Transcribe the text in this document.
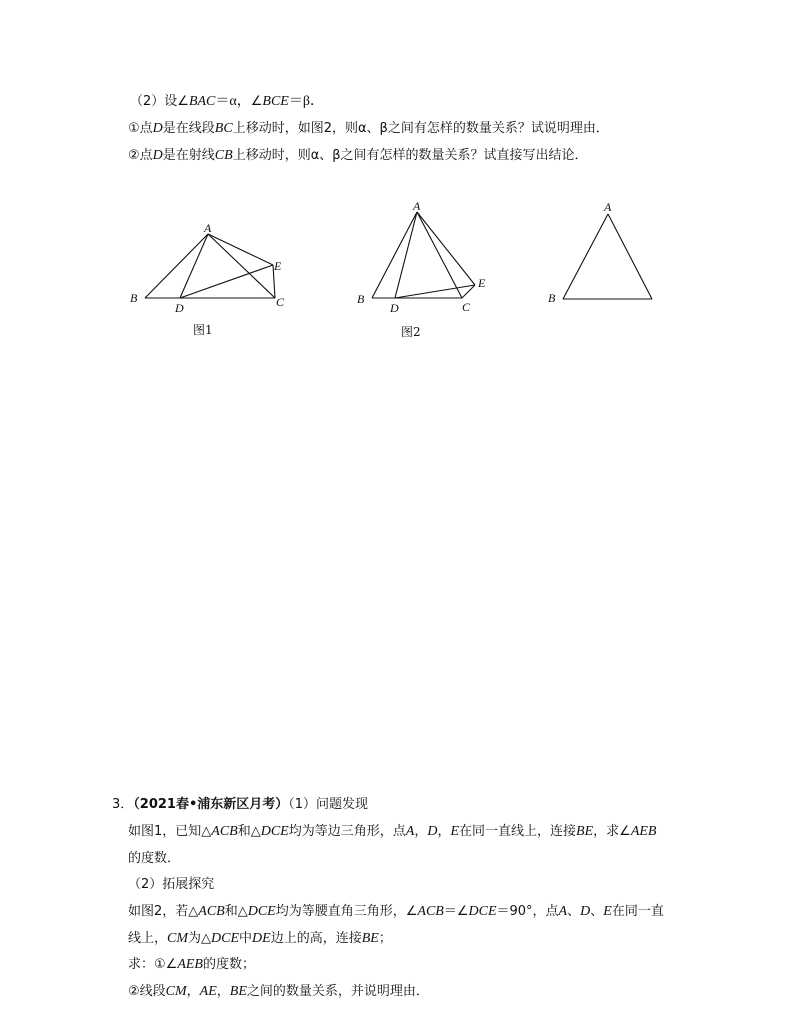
（2）设∠BAC＝α，∠BCE＝β．
①点D是在线段BC上移动时，如图2，则α、β之间有怎样的数量关系？试说明理由．
②点D是在射线CB上移动时，则α、β之间有怎样的数量关系？试直接写出结论．
A
B	C
D
E
图1
A
B
C
D
E
图2
A
B
3．（2021春•浦东新区月考）（1）问题发现
如图1，已知△ACB和△DCE均为等边三角形，点A，D，E在同一直线上，连接BE，求∠AEB
的度数．
（2）拓展探究
如图2，若△ACB和△DCE均为等腰直角三角形，∠ACB＝∠DCE＝90°，点A、D、E在同一直
线上，CM为△DCE中DE边上的高，连接BE；
求：①∠AEB的度数；
②线段CM，AE，BE之间的数量关系，并说明理由．
